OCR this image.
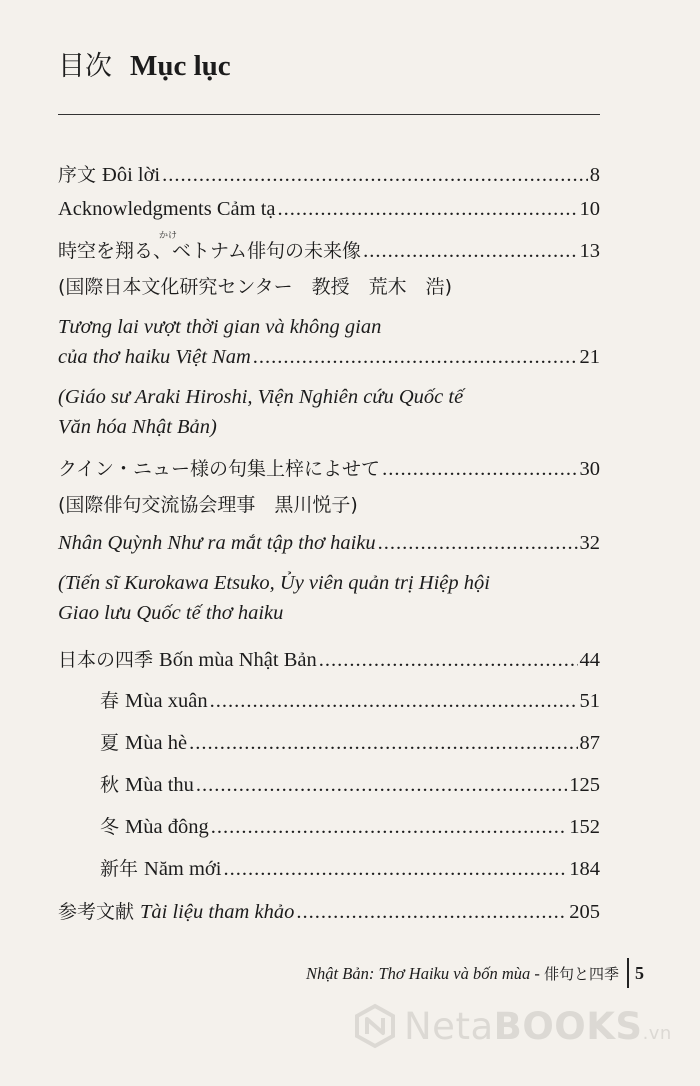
目次 Mục lục
序文 Đôi lời .....	8
Acknowledgments Cảm tạ .....	10
かけ
時空を翔る、ベトナム俳句の未来像 .....	13
(国際日本文化研究センター　教授　荒木　浩)
Tương lai vượt thời gian và không gian
của thơ haiku Việt Nam .....	21
(Giáo sư Araki Hiroshi, Viện Nghiên cứu Quốc tế
Văn hóa Nhật Bản)
クイン・ニュー様の句集上梓によせて .....	30
(国際俳句交流協会理事　黒川悦子)
Nhân Quỳnh Như ra mắt tập thơ haiku .....	32
(Tiến sĩ Kurokawa Etsuko, Ủy viên quản trị Hiệp hội
Giao lưu Quốc tế thơ haiku
日本の四季 Bốn mùa Nhật Bản .....	44
春 Mùa xuân .....	51
夏 Mùa hè .....	87
秋 Mùa thu .....	125
冬 Mùa đông .....	152
新年 Năm mới .....	184
参考文献 Tài liệu tham khảo .....	205
Nhật Bản: Thơ Haiku và bốn mùa - 俳句と四季 5
NetaBOOKS.vn
